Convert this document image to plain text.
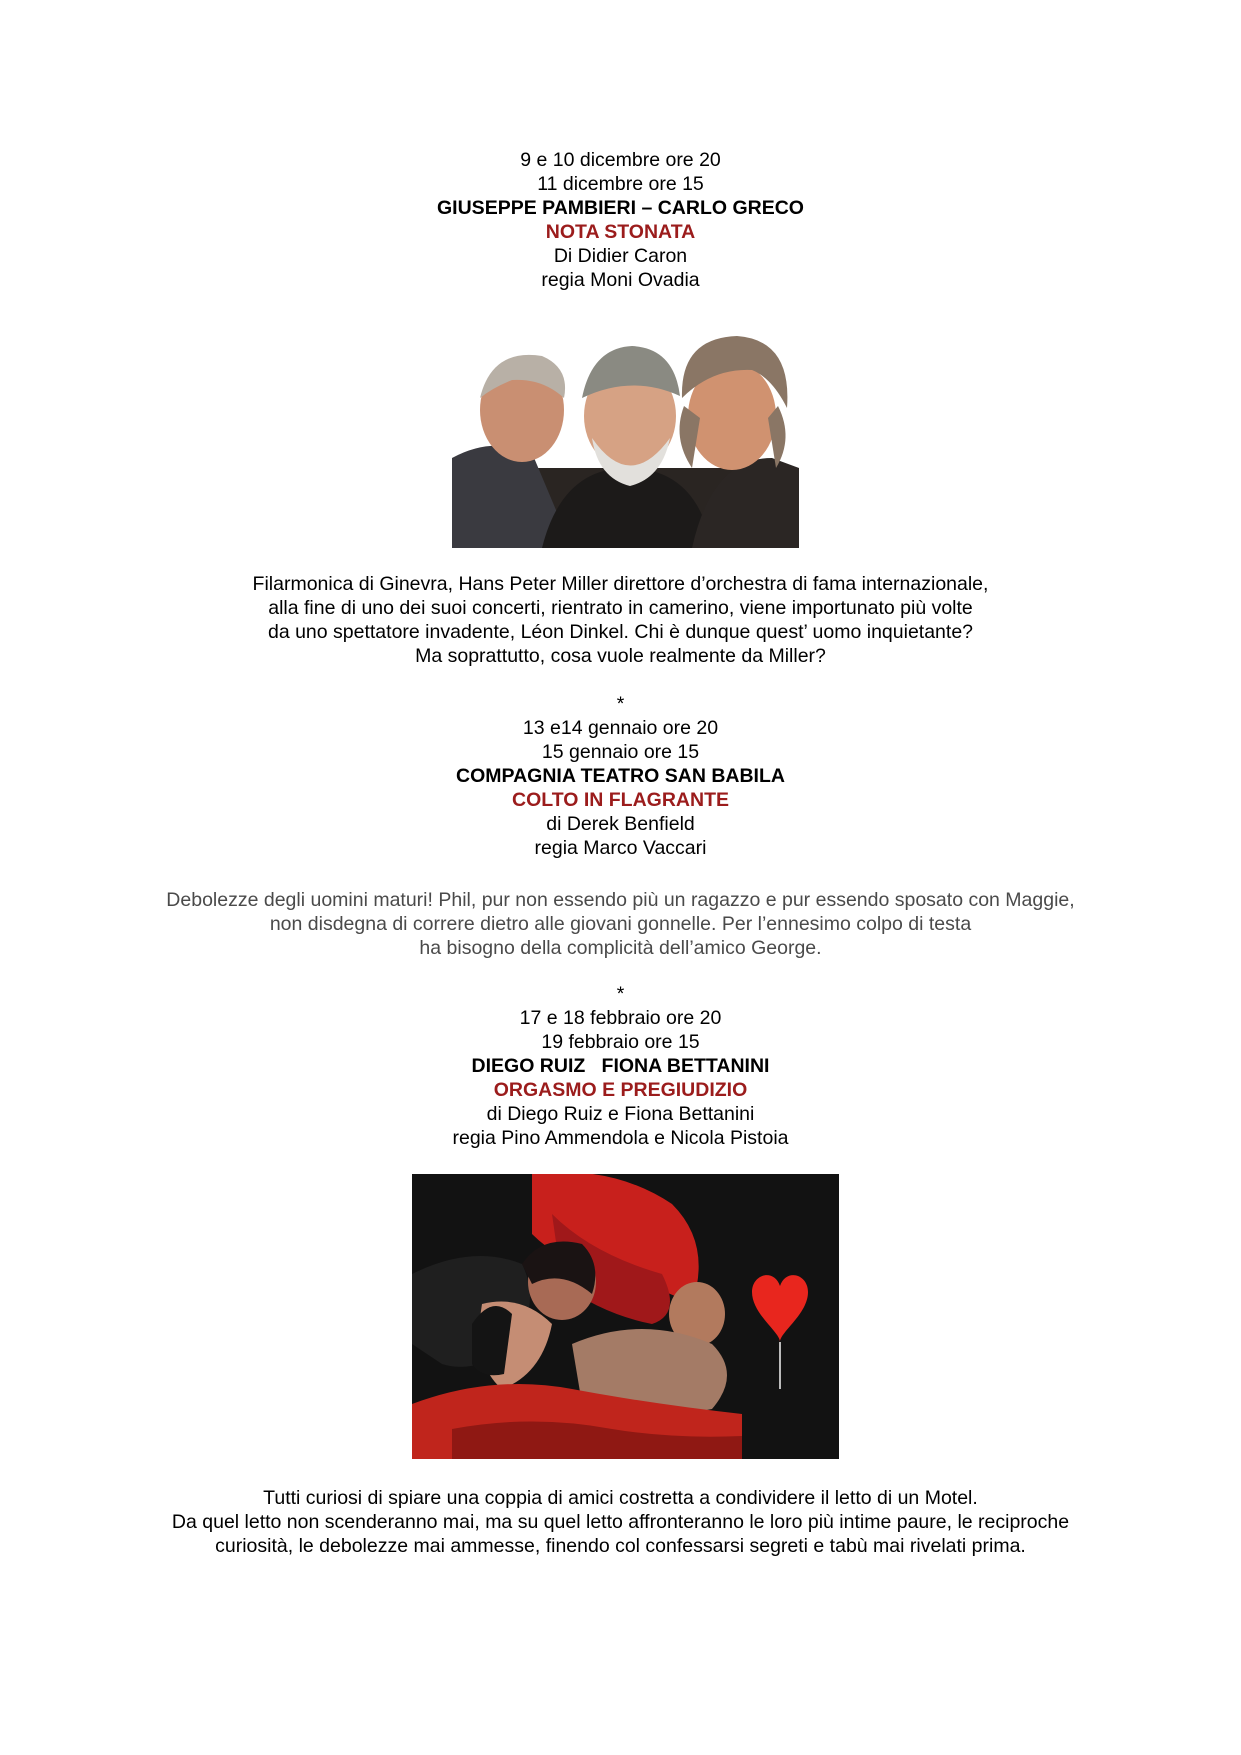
9 e 10 dicembre ore 20
11 dicembre ore 15
GIUSEPPE PAMBIERI – CARLO GRECO
NOTA STONATA
Di Didier Caron
regia Moni Ovadia
Filarmonica di Ginevra, Hans Peter Miller direttore d’orchestra di fama internazionale,
alla fine di uno dei suoi concerti, rientrato in camerino, viene importunato più volte
da uno spettatore invadente, Léon Dinkel. Chi è dunque quest’ uomo inquietante?
Ma soprattutto, cosa vuole realmente da Miller?
*
13 e14 gennaio ore 20
15 gennaio ore 15
COMPAGNIA TEATRO SAN BABILA
COLTO IN FLAGRANTE
di Derek Benfield
regia Marco Vaccari
Debolezze degli uomini maturi! Phil, pur non essendo più un ragazzo e pur essendo sposato con Maggie,
non disdegna di correre dietro alle giovani gonnelle. Per l’ennesimo colpo di testa
ha bisogno della complicità dell’amico George.
*
17 e 18 febbraio ore 20
19 febbraio ore 15
DIEGO RUIZ   FIONA BETTANINI
ORGASMO E PREGIUDIZIO
di Diego Ruiz e Fiona Bettanini
regia Pino Ammendola e Nicola Pistoia
Tutti curiosi di spiare una coppia di amici costretta a condividere il letto di un Motel.
Da quel letto non scenderanno mai, ma su quel letto affronteranno le loro più intime paure, le reciproche
curiosità, le debolezze mai ammesse, finendo col confessarsi segreti e tabù mai rivelati prima.
